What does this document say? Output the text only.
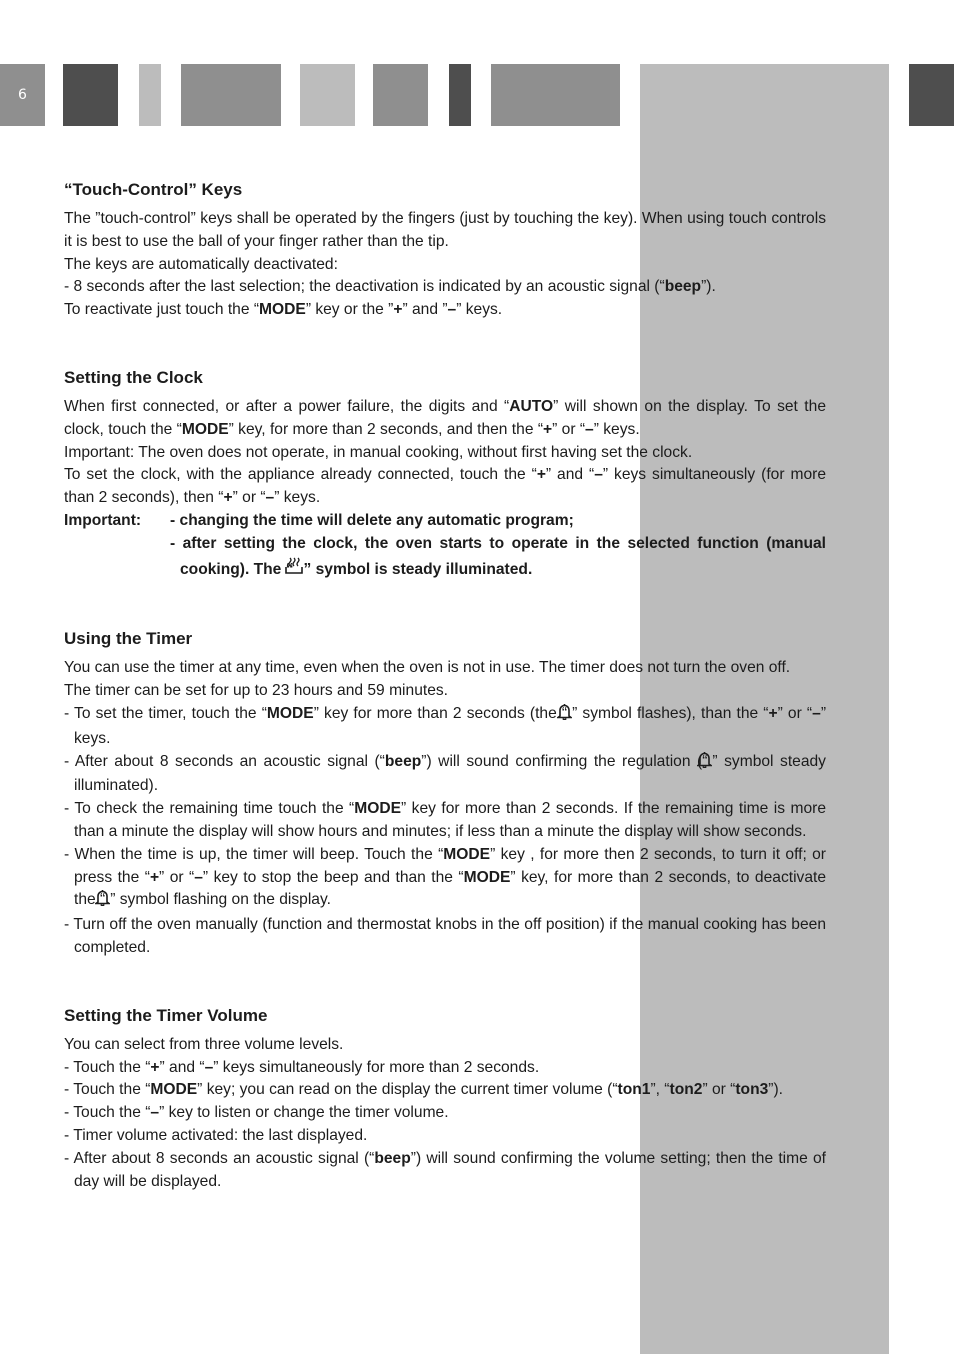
6
“Touch-Control” Keys

The ”touch-control” keys shall be operated by the fingers (just by touching the key). When using touch controls it is best to use the ball of your finger rather than the tip.

The keys are automatically deactivated:

- 8 seconds after the last selection; the deactivation is indicated by an acoustic signal (“beep”).

To reactivate just touch the “MODE” key or the ”+” and ”–” keys.

Setting the Clock

When first connected, or after a power failure, the digits and “AUTO” will shown on the display. To set the clock, touch the “MODE” key, for more than 2 seconds, and then the “+” or “–” keys.

Important: The oven does not operate, in manual cooking, without first having set the clock.

To set the clock, with the appliance already connected, touch the “+” and “–” keys simultaneously (for more than 2 seconds), then “+” or “–” keys.

Important:	- changing the time will delete any automatic program;
- after setting the clock, the oven starts to operate in the selected function (manual cooking). The “ ” symbol is steady illuminated.
Using the Timer

You can use the timer at any time, even when the oven is not in use. The timer does not turn the oven off.

The timer can be set for up to 23 hours and 59 minutes.

- To set the timer, touch the “MODE” key for more than 2 seconds (the “ ” symbol flashes), than the “+” or “–” keys.

- After about 8 seconds an acoustic signal (“beep”) will sound confirming the regulation (“ ” symbol steady illuminated).

- To check the remaining time touch the “MODE” key for more than 2 seconds. If the remaining time is more than a minute the display will show hours and minutes; if less than a minute the display will show seconds.

- When the time is up, the timer will beep. Touch the “MODE” key , for more then 2 seconds, to turn it off; or press the “+” or “–” key to stop the beep and than the “MODE” key, for more than 2 seconds, to deactivate the “ ” symbol flashing on the display.

- Turn off the oven manually (function and thermostat knobs in the off position) if the manual cooking has been completed.

Setting the Timer Volume

You can select from three volume levels.

- Touch the “+” and “–” keys simultaneously for more than 2 seconds.

- Touch the “MODE” key; you can read on the display the current timer volume (“ton1”, “ton2” or “ton3”).

- Touch the “–” key to listen or change the timer volume.

- Timer volume activated: the last displayed.

- After about 8 seconds an acoustic signal (“beep”) will sound confirming the volume setting; then the time of day will be displayed.
